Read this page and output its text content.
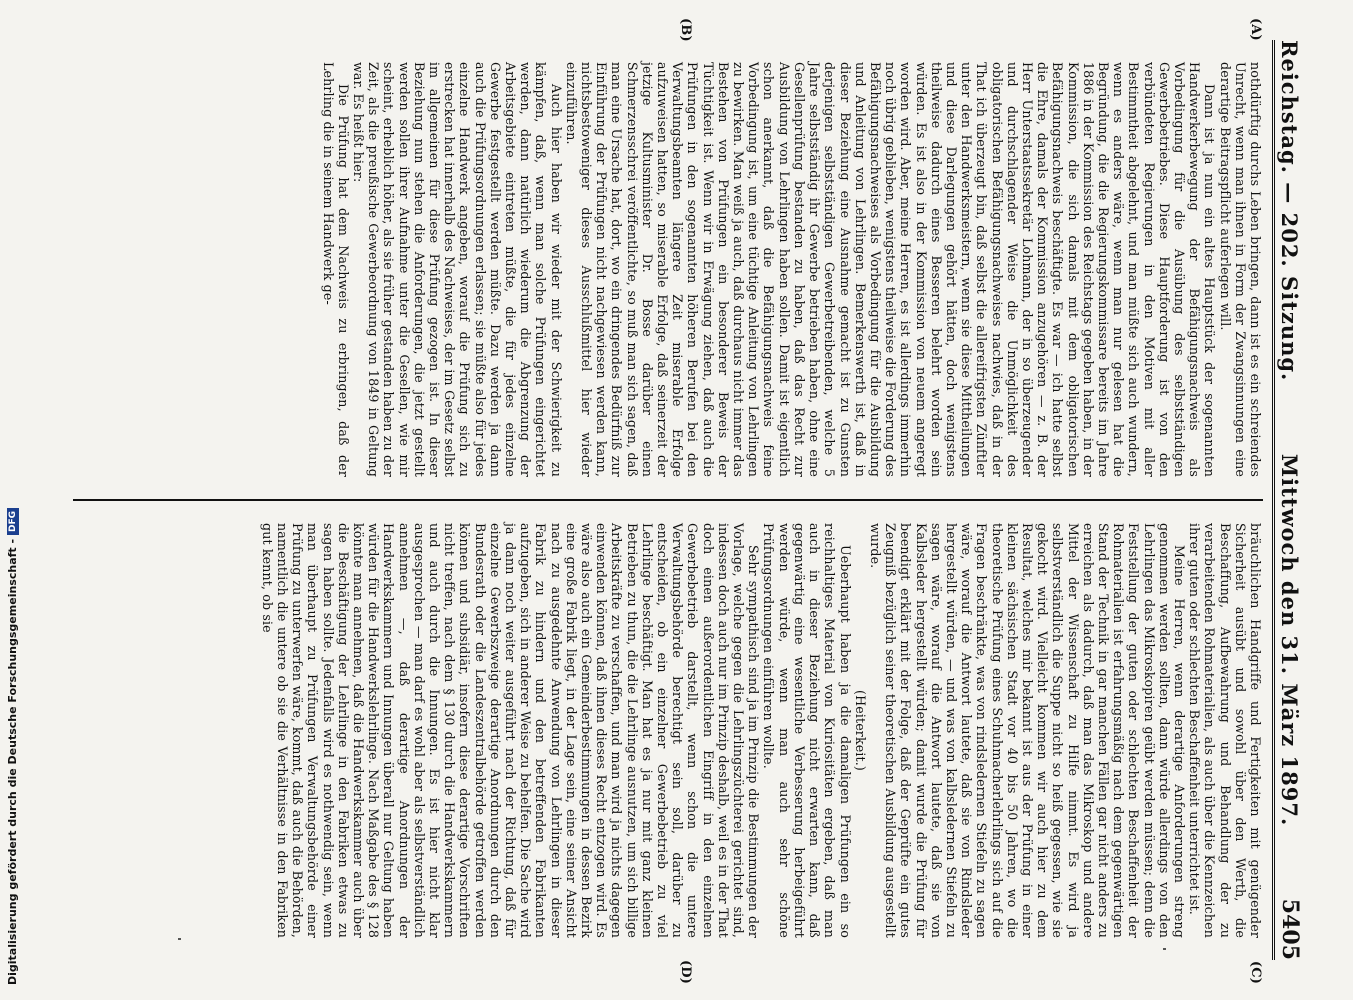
Reichstag. — 202. Sitzung.
Mittwoch den 31. März 1897.
5405
(A)
(B)

nothdürftig durchs Leben bringen, dann ist es ein schreiendes Unrecht, wenn man ihnen in Form der Zwangsinnungen eine derartige Beitragspflicht auferlegen will.

Dann ist ja nun ein altes Hauptstück der sogenannten Handwerkerbewegung der Befähigungsnachweis als Vorbedingung für die Ausübung des selbstständigen Gewerbebetriebes. Diese Hauptforderung ist von den verbündeten Regierungen in den Motiven mit aller Bestimmtheit abgelehnt, und man müßte sich auch wundern, wenn es anders wäre, wenn man nur gelesen hat die Begründung, die die Regierungskommissare bereits im Jahre 1886 in der Kommission des Reichstags gegeben haben, in der Kommission, die sich damals mit dem obligatorischen Befähigungsnachweis beschäftigte. Es war — ich hatte selbst die Ehre, damals der Kommission anzugehören — z. B. der Herr Unterstaatssekretär Lohmann, der in so überzeugender und durchschlagender Weise die Unmöglichkeit des obligatorischen Befähigungsnachweises nachwies, daß in der That ich überzeugt bin, daß selbst die allereifrigsten Zünftler unter den Handwerksmeistern, wenn sie diese Mittheilungen und diese Darlegungen gehört hätten, doch wenigstens theilweise dadurch eines Besseren belehrt worden sein würden. Es ist also in der Kommission von neuem angeregt worden wird. Aber, meine Herren, es ist allerdings immerhin noch übrig geblieben, wenigstens theilweise die Forderung des Befähigungsnachweises als Vorbedingung für die Ausbildung und Anleitung von Lehrlingen. Bemerkenswerth ist, daß in dieser Beziehung eine Ausnahme gemacht ist zu Gunsten derjenigen selbstständigen Gewerbetreibenden, welche 5 Jahre selbstständig ihr Gewerbe betrieben haben, ohne eine Gesellenprüfung bestanden zu haben, daß das Recht zur Ausbildung von Lehrlingen haben sollen. Damit ist eigentlich schon anerkannt, daß die Befähigungsnachweis feine Vorbedingung ist, um eine tüchtige Anleitung von Lehrlingen zu bewirken. Man weiß ja auch, daß durchaus nicht immer das Bestehen von Prüfungen ein besonderer Beweis der Tüchtigkeit ist. Wenn wir in Erwägung ziehen, daß auch die Prüfungen in den sogenannten höheren Berufen bei den Verwaltungsbeamten längere Zeit miserable Erfolge aufzuweisen hatten, so miserable Erfolge, daß seinerzeit der jetzige Kultusminister Dr. Bosse darüber einen Schmerzensschrei veröffentlichte, so muß man sich sagen, daß man eine Ursache hat, dort, wo ein dringendes Bedürfniß zur Einführung der Prüfungen nicht nachgewiesen werden kann, nichtsbestoweniger dieses Ausschlußmittel hier wieder einzuführen.

Auch hier haben wir wieder mit der Schwierigkeit zu kämpfen, daß, wenn man solche Prüfungen eingerichtet werden, dann natürlich wiederum die Abgrenzung der Arbeitsgebiete eintreten müßte, die für jedes einzelne Gewerbe festgestellt werden müßte. Dazu werden ja dann auch die Prüfungsordnungen erlassen; sie müßte also für jedes einzelne Handwerk angeben, worauf die Prüfung sich zu erstrecken hat innerhalb des Nachweises, der im Gesetz selbst im allgemeinen für diese Prüfung gezogen ist. In dieser Beziehung nun stehen die Anforderungen, die jetzt gestellt werden sollen ihrer Aufnahme unter die Gesellen, wie mir scheint, erheblich höher, als sie früher gestanden haben zu der Zeit, als die preußische Gewerbeordnung von 1849 in Geltung war. Es heißt hier:

Die Prüfung hat dem Nachweis zu erbringen, daß der Lehrling die in seinem Handwerk ge-

(C)
(D)

bräuchlichen Handgriffe und Fertigkeiten mit genügender Sicherheit ausübt und sowohl über den Werth, die Beschaffung, Aufbewahrung und Behandlung der zu verarbeitenden Rohmaterialien, als auch über die Kennzeichen ihrer guten oder schlechten Beschaffenheit unterrichtet ist.

Meine Herren, wenn derartige Anforderungen streng genommen werden sollten, dann würde allerdings von den Lehrlingen das Mikroskopiren geübt werden müssen; denn die Feststellung der guten oder schlechten Beschaffenheit der Rohmaterialien ist erfahrungsmäßig nach dem gegenwärtigen Stand der Technik in gar manchen Fällen gar nicht anders zu erreichen als dadurch, daß man das Mikroskop und andere Mittel der Wissenschaft zu Hilfe nimmt. Es wird ja selbstverständlich die Suppe nicht so heiß gegessen, wie sie gekocht wird. Vielleicht kommen wir auch hier zu dem Resultat, welches mir bekannt ist aus der Prüfung in einer kleinen sächsischen Stadt vor 40 bis 50 Jahren, wo die theoretische Prüfung eines Schuhmacherlehrlings sich auf die Fragen beschränkte, was von rindsledernen Stiefeln zu sagen wäre, worauf die Antwort lautete, daß sie von Rindsleder hergestellt würden, — und was von kalbsledernen Stiefeln zu sagen wäre, worauf die Antwort lautete, daß sie von Kalbsleder hergestellt würden; damit wurde die Prüfung für beendigt erklärt mit der Folge, daß der Geprüfte ein gutes Zeugniß bezüglich seiner theoretischen Ausbildung ausgestellt wurde.

(Heiterkeit.)

Ueberhaupt haben ja die damaligen Prüfungen ein so reichhaltiges Material von Kuriositäten ergeben, daß man auch in dieser Beziehung nicht erwarten kann, daß gegenwärtig eine wesentliche Verbesserung herbeigeführt werden würde, wenn man auch sehr schöne Prüfungsordnungen einführen wollte.

Sehr sympathisch sind ja im Prinzip die Bestimmungen der Vorlage, welche gegen die Lehrlingszüchterei gerichtet sind, indessen doch auch nur im Prinzip deshalb, weil es in der That doch einen außerordentlichen Eingriff in den einzelnen Gewerbebetrieb darstellt, wenn schon die untere Verwaltungsbehörde berechtigt sein soll, darüber zu entscheiden, ob ein einzelner Gewerbebetrieb zu viel Lehrlinge beschäftigt. Man hat es ja nur mit ganz kleinen Betrieben zu thun, die die Lehrlinge ausnutzen, um sich billige Arbeitskräfte zu verschaffen, und man wird ja nichts dagegen einwenden können, daß ihnen dieses Recht entzogen wird. Es wäre also auch ein Gemeinderbestimmungen in dessen Bezirk eine große Fabrik liegt, in der Lage sein, eine seiner Ansicht nach zu ausgedehnte Anwendung von Lehrlingen in dieser Fabrik zu hindern und den betreffenden Fabrikanten aufzugeben, sich in anderer Weise zu behelfen. Die Sache wird ja dann noch weiter ausgeführt nach der Richtung, daß für einzelne Gewerbszweige derartige Anordnungen durch den Bundesrath oder die Landeszentralbehörde getroffen werden können und subsidiär, insofern diese derartige Vorschriften nicht treffen, nach dem § 130 durch die Handwerkskammern und auch durch die Innungen. Es ist hier nicht klar ausgesprochen — man darf es wohl aber als selbstverständlich annehmen —, daß derartige Anordnungen der Handwerkskammern und Innungen überall nur Geltung haben würden für die Handwerkslehrlinge. Nach Maßgabe des § 128 könnte man annehmen, daß die Handwerkskammer auch über die Beschäftigung der Lehrlinge in den Fabriken etwas zu sagen haben sollte. Jedenfalls wird es nothwendig sein, wenn man überhaupt zu Prüfungen Verwaltungsbehörde einer Prüfung zu unterwerfen wäre, kommt, daß auch die Behörden, namentlich die untere ob sie die Verhältnisse in den Fabriken gut kennt, ob sie

Digitalisierung gefördert durch die Deutsche Forschungsgemeinschaft -
DFG
